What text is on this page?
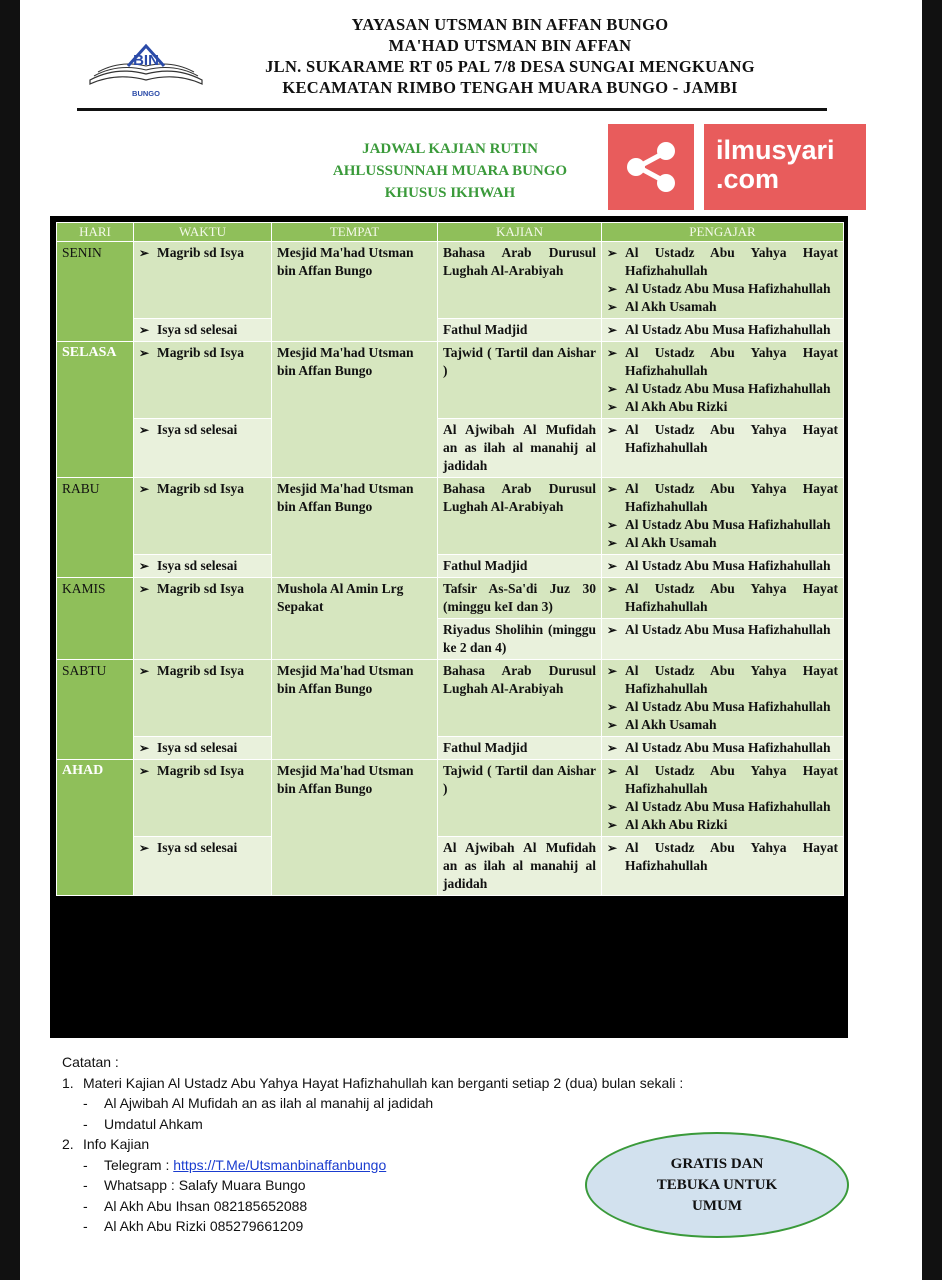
BIN
BUNGO
YAYASAN UTSMAN BIN AFFAN BUNGO
MA'HAD UTSMAN BIN AFFAN
JLN. SUKARAME RT 05 PAL 7/8 DESA SUNGAI MENGKUANG
KECAMATAN RIMBO TENGAH MUARA BUNGO - JAMBI
JADWAL KAJIAN RUTIN
AHLUSSUNNAH MUARA BUNGO
KHUSUS IKHWAH
ilmusyari
.com
HARI	WAKTU	TEMPAT	KAJIAN	PENGAJAR
SENIN	➢ Magrib sd Isya	Mesjid Ma'had Utsman bin Affan Bungo	Bahasa Arab Durusul Lughah Al-Arabiyah	➢ Al Ustadz Abu Yahya Hayat Hafizhahullah
➢ Al Ustadz Abu Musa Hafizhahullah
➢ Al Akh Usamah

	➢ Isya sd selesai		Fathul Madjid	➢ Al Ustadz Abu Musa Hafizhahullah

SELASA	➢ Magrib sd Isya	Mesjid Ma'had Utsman bin Affan Bungo	Tajwid ( Tartil dan Aishar )	➢ Al Ustadz Abu Yahya Hayat Hafizhahullah
➢ Al Ustadz Abu Musa Hafizhahullah
➢ Al Akh Abu Rizki

	➢ Isya sd selesai		Al Ajwibah Al Mufidah an as ilah al manahij al jadidah	➢ Al Ustadz Abu Yahya Hayat Hafizhahullah

RABU	➢ Magrib sd Isya	Mesjid Ma'had Utsman bin Affan Bungo	Bahasa Arab Durusul Lughah Al-Arabiyah	➢ Al Ustadz Abu Yahya Hayat Hafizhahullah
➢ Al Ustadz Abu Musa Hafizhahullah
➢ Al Akh Usamah

	➢ Isya sd selesai		Fathul Madjid	➢ Al Ustadz Abu Musa Hafizhahullah

KAMIS	➢ Magrib sd Isya	Mushola Al Amin Lrg Sepakat	Tafsir As-Sa'di Juz 30 (minggu keI dan 3)	➢ Al Ustadz Abu Yahya Hayat Hafizhahullah

			Riyadus Sholihin (minggu ke 2 dan 4)	➢ Al Ustadz Abu Musa Hafizhahullah

SABTU	➢ Magrib sd Isya	Mesjid Ma'had Utsman bin Affan Bungo	Bahasa Arab Durusul Lughah Al-Arabiyah	➢ Al Ustadz Abu Yahya Hayat Hafizhahullah
➢ Al Ustadz Abu Musa Hafizhahullah
➢ Al Akh Usamah

	➢ Isya sd selesai		Fathul Madjid	➢ Al Ustadz Abu Musa Hafizhahullah

AHAD	➢ Magrib sd Isya	Mesjid Ma'had Utsman bin Affan Bungo	Tajwid ( Tartil dan Aishar )	➢ Al Ustadz Abu Yahya Hayat Hafizhahullah
➢ Al Ustadz Abu Musa Hafizhahullah
➢ Al Akh Abu Rizki

	➢ Isya sd selesai		Al Ajwibah Al Mufidah an as ilah al manahij al jadidah	➢ Al Ustadz Abu Yahya Hayat Hafizhahullah
Catatan :
1. Materi Kajian Al Ustadz Abu Yahya Hayat Hafizhahullah kan berganti setiap 2 (dua) bulan sekali :
- Al Ajwibah Al Mufidah an as ilah al manahij al jadidah
- Umdatul Ahkam
2. Info Kajian
- Telegram : https://T.Me/Utsmanbinaffanbungo
- Whatsapp : Salafy Muara Bungo
- Al Akh Abu Ihsan 082185652088
- Al Akh Abu Rizki 085279661209
GRATIS DAN
TEBUKA UNTUK
UMUM
